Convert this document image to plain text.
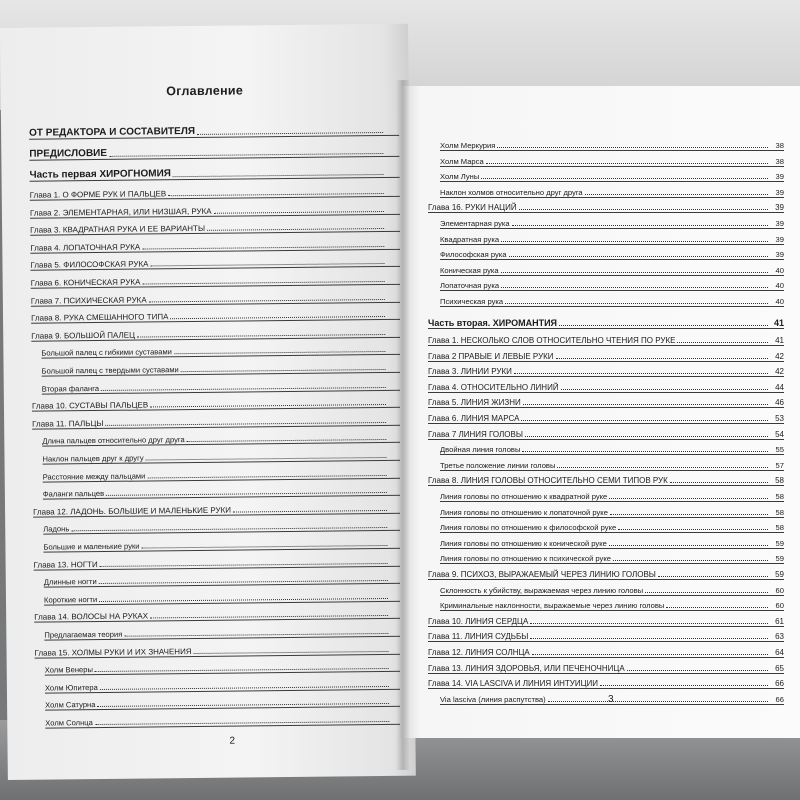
Оглавление
ОТ РЕДАКТОРА И СОСТАВИТЕЛЯ
ПРЕДИСЛОВИЕ
Часть первая ХИРОГНОМИЯ
Глава 1. О ФОРМЕ РУК И ПАЛЬЦЕВ
Глава 2. ЭЛЕМЕНТАРНАЯ, ИЛИ НИЗШАЯ, РУКА
Глава 3. КВАДРАТНАЯ РУКА И ЕЕ ВАРИАНТЫ
Глава 4. ЛОПАТОЧНАЯ РУКА
Глава 5. ФИЛОСОФСКАЯ РУКА
Глава 6. КОНИЧЕСКАЯ РУКА
Глава 7. ПСИХИЧЕСКАЯ РУКА
Глава 8. РУКА СМЕШАННОГО ТИПА
Глава 9. БОЛЬШОЙ ПАЛЕЦ
Большой палец с гибкими суставами
Большой палец с твердыми суставами
Вторая фаланга
Глава 10. СУСТАВЫ ПАЛЬЦЕВ
Глава 11. ПАЛЬЦЫ
Длина пальцев относительно друг друга
Наклон пальцев друг к другу
Расстояние между пальцами
Фаланги пальцев
Глава 12. ЛАДОНЬ. БОЛЬШИЕ И МАЛЕНЬКИЕ РУКИ
Ладонь
Большие и маленькие руки
Глава 13. НОГТИ
Длинные ногти
Короткие ногти
Глава 14. ВОЛОСЫ НА РУКАХ
Предлагаемая теория
Глава 15. ХОЛМЫ РУКИ И ИХ ЗНАЧЕНИЯ
Холм Венеры
Холм Юпитера
Холм Сатурна
Холм Солнца
2
Холм Меркурия	38
Холм Марса	38
Холм Луны	39
Наклон холмов относительно друг друга	39
Глава 16. РУКИ НАЦИЙ	39
Элементарная рука	39
Квадратная рука	39
Философская рука	39
Коническая рука	40
Лопаточная рука	40
Психическая рука	40
Часть вторая. ХИРОМАНТИЯ	41
Глава 1. НЕСКОЛЬКО СЛОВ ОТНОСИТЕЛЬНО ЧТЕНИЯ ПО РУКЕ	41
Глава 2 ПРАВЫЕ И ЛЕВЫЕ РУКИ	42
Глава 3. ЛИНИИ РУКИ	42
Глава 4. ОТНОСИТЕЛЬНО ЛИНИЙ	44
Глава 5. ЛИНИЯ ЖИЗНИ	46
Глава 6. ЛИНИЯ МАРСА	53
Глава 7 ЛИНИЯ ГОЛОВЫ	54
Двойная линия головы	55
Третье положение линии головы	57
Глава 8. ЛИНИЯ ГОЛОВЫ ОТНОСИТЕЛЬНО СЕМИ ТИПОВ РУК	58
Линия головы по отношению к квадратной руке	58
Линия головы по отношению к лопаточной руке	58
Линия головы по отношению к философской руке	58
Линия головы по отношению к конической руке	59
Линия головы по отношению к психической руке	59
Глава 9. ПСИХОЗ, ВЫРАЖАЕМЫЙ ЧЕРЕЗ ЛИНИЮ ГОЛОВЫ	59
Склонность к убийству, выражаемая через линию головы	60
Криминальные наклонности, выражаемые через линию головы	60
Глава 10. ЛИНИЯ СЕРДЦА	61
Глава 11. ЛИНИЯ СУДЬБЫ	63
Глава 12. ЛИНИЯ СОЛНЦА	64
Глава 13. ЛИНИЯ ЗДОРОВЬЯ, ИЛИ ПЕЧЕНОЧНИЦА	65
Глава 14. VIA LASCIVA И ЛИНИЯ ИНТУИЦИИ	66
Via lasciva (линия распутства)	66
3
